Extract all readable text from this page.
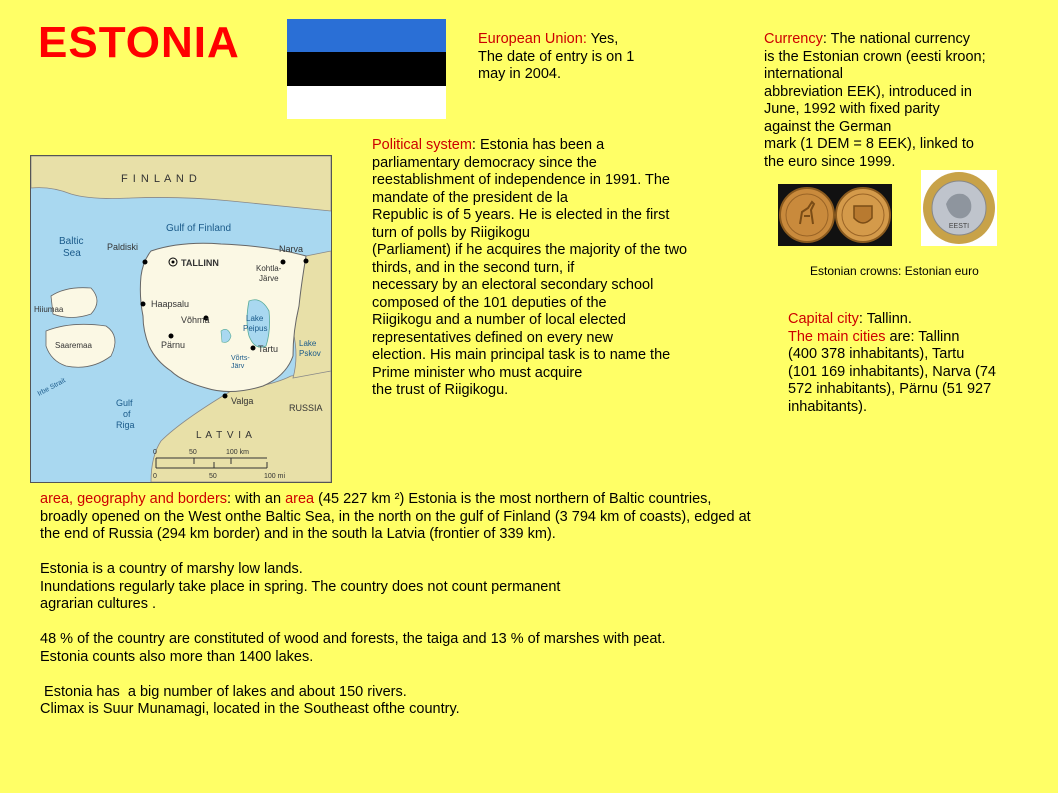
ESTONIA	European Union: Yes,
The date of entry is on 1
may in 2004.
Currency: The national currency
is the Estonian crown (eesti kroon;
international
abbreviation EEK), introduced in
June, 1992 with fixed parity
against the German
mark (1 DEM = 8 EEK), linked to
the euro since 1999.
EESTI
Estonian crowns: Estonian euro
Political system: Estonia has been a
parliamentary democracy since the
reestablishment of independence in 1991. The
mandate of the president de la
Republic is of 5 years. He is elected in the first
turn of polls by Riigikogu
(Parliament) if he acquires the majority of the two
thirds, and in the second turn, if
necessary by an electoral secondary school
composed of the 101 deputies of the
Riigikogu and a number of local elected
representatives defined on every new
election. His main principal task is to name the
Prime minister who must acquire
the trust of Riigikogu.
Capital city: Tallinn.
The main cities are: Tallinn
(400 378 inhabitants), Tartu
(101 169 inhabitants), Narva (74
572 inhabitants), Pärnu (51 927
inhabitants).
F I N L A N D
Gulf of Finland
Baltic
Sea
Paldiski
TALLINN
Narva
Kohtla-
Järve
Hiiumaa
Haapsalu
Võhma	Lake
Peipus
Saaremaa	Pärnu	Tartu
Võrts-
Järv
Lake
Pskov
Irbe Strait
Gulf
of
Riga
Valga
RUSSIA
L A T V I A
0	50	100 km
0	50	100 mi
area, geography and borders: with an area (45 227 km ²) Estonia is the most northern of Baltic countries,
broadly opened on the West onthe Baltic Sea, in the north on the gulf of Finland (3 794 km of coasts), edged at
the end of Russia (294 km border) and in the south la Latvia (frontier of 339 km).
Estonia is a country of marshy low lands.
Inundations regularly take place in spring. The country does not count permanent
agrarian cultures .
48 % of the country are constituted of wood and forests, the taiga and 13 % of marshes with peat.
Estonia counts also more than 1400 lakes.
Estonia has  a big number of lakes and about 150 rivers.
Climax is Suur Munamagi, located in the Southeast ofthe country.
